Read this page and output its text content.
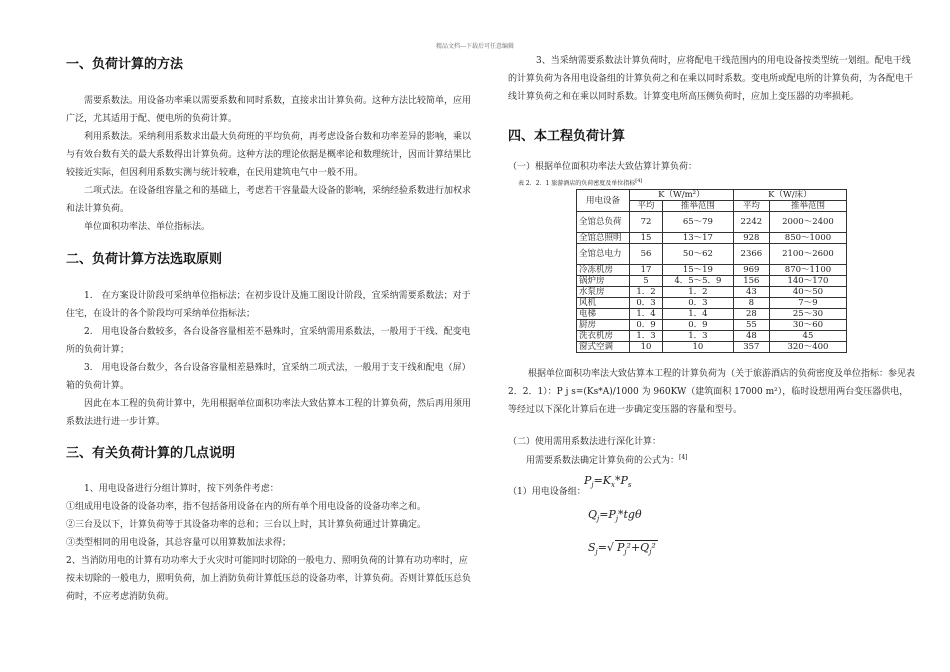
精品文档---下载后可任意编辑
一、负荷计算的方法

需要系数法。用设备功率乘以需要系数和同时系数，直接求出计算负荷。这种方法比较简单，应用广泛，尤其适用于配、便电所的负荷计算。

利用系数法。采纳利用系数求出最大负荷班的平均负荷，再考虑设备台数和功率差异的影响，乘以与有效台数有关的最大系数得出计算负荷。这种方法的理论依据是概率论和数理统计，因而计算结果比较接近实际，但因利用系数实测与统计较难，在民用建筑电气中一般不用。

二项式法。在设备组容量之和的基础上，考虑若干容量最大设备的影响，采纳经验系数进行加权求和法计算负荷。

单位面积功率法、单位指标法。

二、负荷计算方法选取原则

1.　在方案设计阶段可采纳单位指标法；在初步设计及施工图设计阶段，宜采纳需要系数法；对于住宅，在设计的各个阶段均可采纳单位指标法；

2.　用电设备台数较多，各台设备容量相差不悬殊时，宜采纳需用系数法，一般用于干线、配变电所的负荷计算；

3.　用电设备台数少，各台设备容量相差悬殊时，宜采纳二项式法，一般用于支干线和配电（屏）箱的负荷计算。

因此在本工程的负荷计算中，先用根据单位面积功率法大致估算本工程的计算负荷，然后再用须用系数法进行进一步计算。

三、有关负荷计算的几点说明

1、用电设备进行分组计算时，按下列条件考虑：

①组成用电设备的设备功率，指不包括备用设备在内的所有单个用电设备的设备功率之和。

②三台及以下，计算负荷等于其设备功率的总和；三台以上时，其计算负荷通过计算确定。

③类型相同的用电设备，其总容量可以用算数加法求得；

2、当消防用电的计算有功功率大于火灾时可能同时切除的一般电力、照明负荷的计算有功功率时，应按未切除的一般电力，照明负荷，加上消防负荷计算低压总的设备功率，计算负荷。否则计算低压总负荷时，不应考虑消防负荷。

3、当采纳需要系数法计算负荷时，应将配电干线范围内的用电设备按类型统一划组。配电干线的计算负荷为各用电设备组的计算负荷之和在乘以同时系数。变电所或配电所的计算负荷，为各配电干线计算负荷之和在乘以同时系数。计算变电所高压侧负荷时，应加上变压器的功率损耗。

四、本工程负荷计算

（一）根据单位面积功率法大致估算计算负荷：

表 2．2．1 旅游酒店的负荷密度及单位指标[4]
用电设备	K（W/m²）		K（W/床）	
	平均	推举范围	平均	推举范围
全馆总负荷	72	65～79	2242	2000～2400
全馆总照明	15	13～17	928	850～1000
全馆总电力	56	50～62	2366	2100～2600
冷冻机房	17	15～19	969	870～1100
锅炉房	5	4．5～5．9	156	140～170
水泵房	1．2	1．2	43	40～50
风机	0．3	0．3	8	7～9
电梯	1．4	1．4	28	25～30
厨房	0．9	0．9	55	30～60
洗衣机房	1．3	1．3	48	45
窗式空调	10	10	357	320～400

根据单位面积功率法大致估算本工程的计算负荷为（关于旅游酒店的负荷密度及单位指标：参见表 2．2．1）：P j s=(Ks*A)/1000 为 960KW（建筑面积 17000 m²），临时设想用两台变压器供电，等经过以下深化计算后在进一步确定变压器的容量和型号。

（二）使用需用系数法进行深化计算：

用需要系数法确定计算负荷的公式为：[4]

（1）用电设备组：
$P_j=K_x*P_s$
$Q_j=P_j*tg\theta$
$S_j=√$ $P_j^2+Q_j^2$
